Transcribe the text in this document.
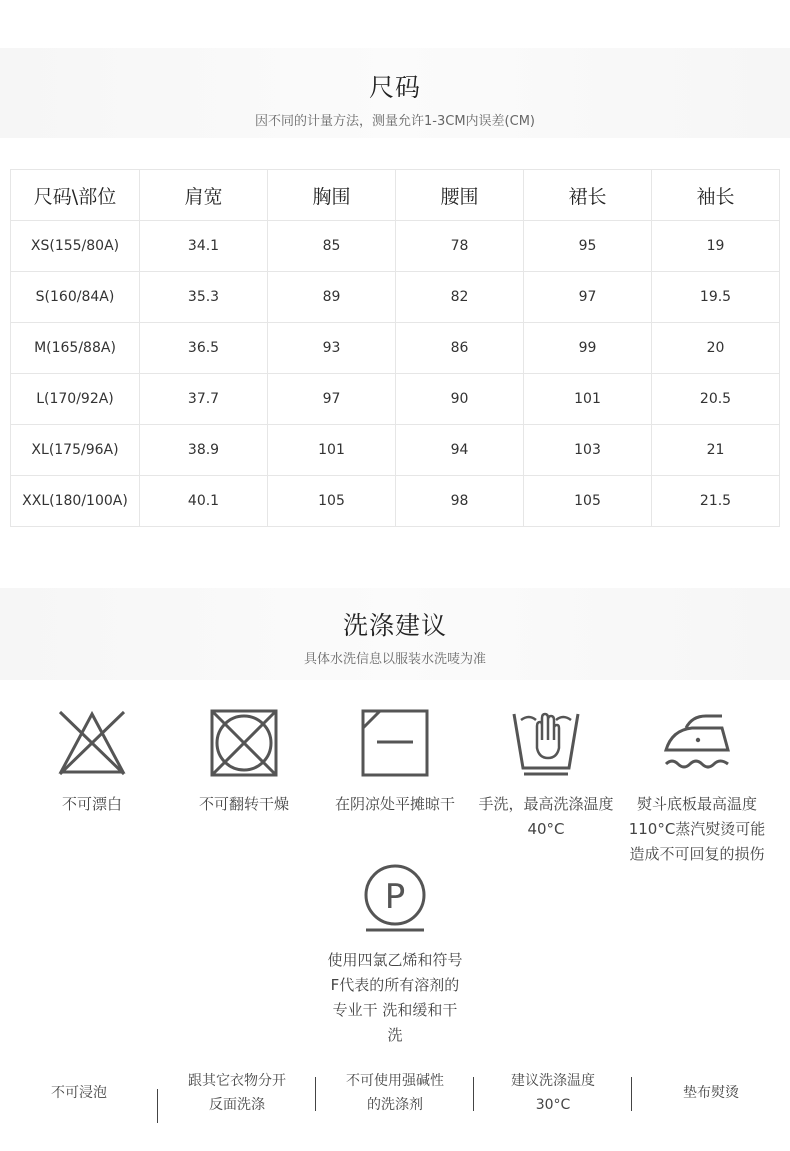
尺码
因不同的计量方法，测量允许1-3CM内误差(CM)
尺码\部位	肩宽	胸围	腰围	裙长	袖长
XS(155/80A)	34.1	85	78	95	19
S(160/84A)	35.3	89	82	97	19.5
M(165/88A)	36.5	93	86	99	20
L(170/92A)	37.7	97	90	101	20.5
XL(175/96A)	38.9	101	94	103	21
XXL(180/100A)	40.1	105	98	105	21.5
洗涤建议
具体水洗信息以服装水洗唛为准
不可漂白	不可翻转干燥	在阴凉处平摊晾干	手洗，最高洗涤温度
40°C
熨斗底板最高温度
110°C蒸汽熨烫可能
造成不可回复的损伤
P
使用四氯乙烯和符号
F代表的所有溶剂的
专业干 洗和缓和干
洗
不可浸泡
跟其它衣物分开
反面洗涤
不可使用强碱性
的洗涤剂
建议洗涤温度
30°C
垫布熨烫
